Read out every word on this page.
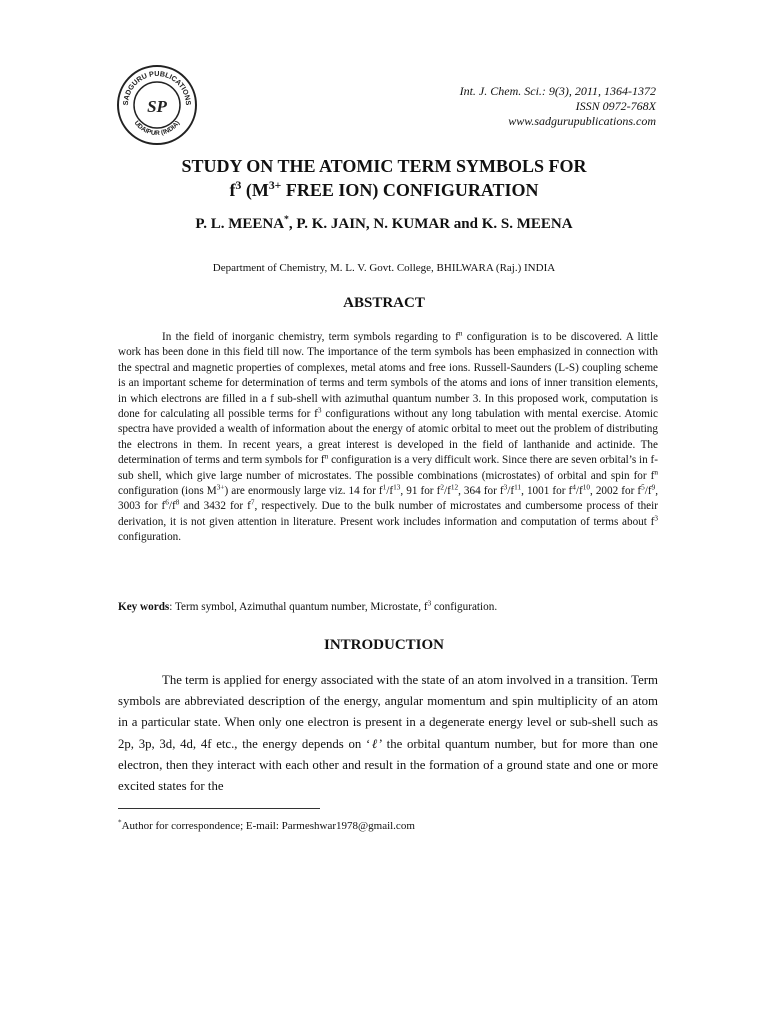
SADGURU PUBLICATIONS
UDAIPUR (INDIA)
SP
Int. J. Chem. Sci.: 9(3), 2011, 1364-1372
ISSN 0972-768X
www.sadgurupublications.com
STUDY ON THE ATOMIC TERM SYMBOLS FOR
$f^3$ ($M^{3+}$ FREE ION) CONFIGURATION
P. L. MEENA*, P. K. JAIN, N. KUMAR and K. S. MEENA
Department of Chemistry, M. L. V. Govt. College, BHILWARA (Raj.) INDIA
ABSTRACT

In the field of inorganic chemistry, term symbols regarding to $f^n$ configuration is to be discovered. A little work has been done in this field till now. The importance of the term symbols has been emphasized in connection with the spectral and magnetic properties of complexes, metal atoms and free ions. Russell-Saunders (L-S) coupling scheme is an important scheme for determination of terms and term symbols of the atoms and ions of inner transition elements, in which electrons are filled in a f sub-shell with azimuthal quantum number 3. In this proposed work, computation is done for calculating all possible terms for $f^3$ configurations without any long tabulation with mental exercise. Atomic spectra have provided a wealth of information about the energy of atomic orbital to meet out the problem of distributing the electrons in them. In recent years, a great interest is developed in the field of lanthanide and actinide. The determination of terms and term symbols for $f^n$ configuration is a very difficult work. Since there are seven orbital’s in f-sub shell, which give large number of microstates. The possible combinations (microstates) of orbital and spin for $f^n$ configuration (ions $M^{3+}$) are enormously large viz. 14 for $f^1/f^{13}$, 91 for $f^2/f^{12}$, 364 for $f^3/f^{11}$, 1001 for $f^4/f^{10}$, 2002 for $f^5/f^9$, 3003 for $f^6/f^8$ and 3432 for $f^7$, respectively. Due to the bulk number of microstates and cumbersome process of their derivation, it is not given attention in literature. Present work includes information and computation of terms about $f^3$ configuration.

Key words: Term symbol, Azimuthal quantum number, Microstate, $f^3$ configuration.
INTRODUCTION

The term is applied for energy associated with the state of an atom involved in a transition. Term symbols are abbreviated description of the energy, angular momentum and spin multiplicity of an atom in a particular state. When only one electron is present in a degenerate energy level or sub-shell such as 2p, 3p, 3d, 4d, 4f etc., the energy depends on ‘ℓ’ the orbital quantum number, but for more than one electron, then they interact with each other and result in the formation of a ground state and one or more excited states for the

*Author for correspondence; E-mail: Parmeshwar1978@gmail.com
